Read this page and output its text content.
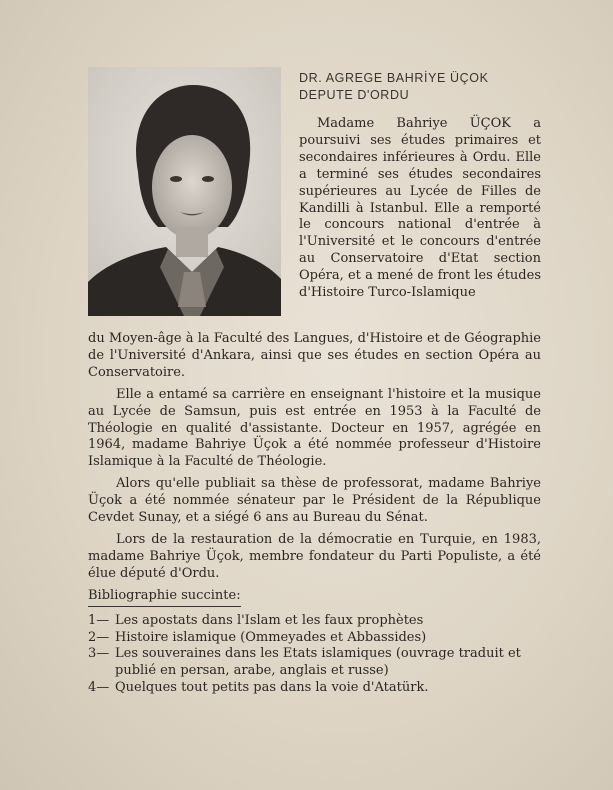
DR. AGREGE BAHRİYE ÜÇOK
DEPUTE D'ORDU

Madame Bahriye ÜÇOK a poursuivi ses études primaires et secondaires inférieures à Ordu. Elle a terminé ses études secondaires supérieures au Lycée de Filles de Kandilli à Istanbul. Elle a remporté le concours national d'entrée à l'Université et le concours d'entrée au Conservatoire d'Etat section Opéra, et a mené de front les études d'Histoire Turco-Islamique

du Moyen-âge à la Faculté des Langues, d'Histoire et de Géographie de l'Université d'Ankara, ainsi que ses études en section Opéra au Conservatoire.

Elle a entamé sa carrière en enseignant l'histoire et la musique au Lycée de Samsun, puis est entrée en 1953 à la Faculté de Théologie en qualité d'assistante. Docteur en 1957, agrégée en 1964, madame Bahriye Üçok a été nommée professeur d'Histoire Islamique à la Faculté de Théologie.

Alors qu'elle publiait sa thèse de professorat, madame Bahriye Üçok a été nommée sénateur par le Président de la République Cevdet Sunay, et a siégé 6 ans au Bureau du Sénat.

Lors de la restauration de la démocratie en Turquie, en 1983, madame Bahriye Üçok, membre fondateur du Parti Populiste, a été élue député d'Ordu.

Bibliographie succinte:
1— Les apostats dans l'Islam et les faux prophètes
2— Histoire islamique (Ommeyades et Abbassides)
3— Les souveraines dans les Etats islamiques (ouvrage traduit et publié en persan, arabe, anglais et russe)
4— Quelques tout petits pas dans la voie d'Atatürk.
